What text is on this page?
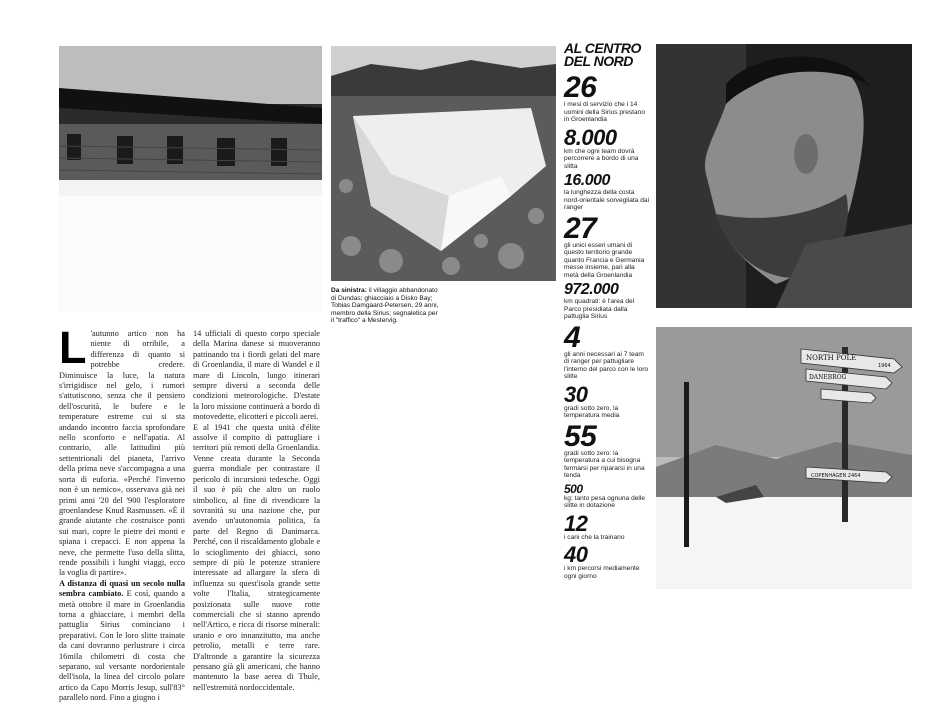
NORTH POLE
DANEBROG
1964
COPENHAGEN 2464
Da sinistra: il villaggio abbandonato di Dundas; ghiacciaio a Disko Bay; Tobias Damgaard-Petersen, 29 anni, membro della Sirius; segnaletica per il "traffico" a Mestervig.

L 'autunno artico non ha niente di orribile, a differenza di quanto si potrebbe credere. Diminuisce la luce, la natura s'irrigidisce nel gelo, i rumori s'attutiscono, senza che il pensiero dell'oscurità, le bufere e le temperature estreme cui si sta andando incontro faccia sprofondare nello sconforto e nell'apatia. Al contrario, alle latitudini più settentrionali del pianeta, l'arrivo della prima neve s'accompagna a una sorta di euforia. «Perché l'inverno non è un nemico», osservava già nei primi anni '20 del '900 l'esploratore groenlandese Knud Rasmussen. «È il grande aiutante che costruisce ponti sui mari, copre le pietre dei monti e spiana i crepacci. E non appena la neve, che permette l'uso della slitta, rende possibili i lunghi viaggi, ecco la voglia di partire».

A distanza di quasi un secolo nulla sembra cambiato. E così, quando a metà ottobre il mare in Groenlandia torna a ghiacciare, i membri della pattuglia Sirius cominciano i preparativi. Con le loro slitte trainate da cani dovranno perlustrare i circa 16mila chilometri di costa che separano, sul versante nordorientale dell'isola, la linea del circolo polare artico da Capo Morris Jesup, sull'83° parallelo nord. Fino a giugno i

14 ufficiali di questo corpo speciale della Marina danese si muoveranno pattinando tra i fiordi gelati del mare di Groenlandia, il mare di Wandel e il mare di Lincoln, lungo itinerari sempre diversi a seconda delle condizioni meteorologiche. D'estate la loro missione continuerà a bordo di motovedette, elicotteri e piccoli aerei.

E al 1941 che questa unità d'élite assolve il compito di pattugliare i territori più remoti della Groenlandia. Venne creata durante la Seconda guerra mondiale per contrastare il pericolo di incursioni tedesche. Oggi il suo è più che altro un ruolo simbolico, al fine di rivendicare la sovranità su una nazione che, pur avendo un'autonomia politica, fa parte del Regno di Danimarca. Perché, con il riscaldamento globale e lo scioglimento dei ghiacci, sono sempre di più le potenze straniere interessate ad allargare la sfera di influenza su quest'isola grande sette volte l'Italia, strategicamente posizionata sulle nuove rotte commerciali che si stanno aprendo nell'Artico, e ricca di risorse minerali: uranio e oro innanzitutto, ma anche petrolio, metalli e terre rare. D'altronde a garantire la sicurezza pensano già gli americani, che hanno mantenuto la base aerea di Thule, nell'estremità nordoccidentale.

AL CENTRO DEL NORD
26
i mesi di servizio che i 14 uomini della Sirius prestano in Groenlandia
8.000
km che ogni team dovrà percorrere a bordo di una slitta
16.000
la lunghezza della costa nord-orientale sorvegliata dai ranger
27
gli unici esseri umani di questo territorio grande quanto Francia e Germania messe insieme, pari alla metà della Groenlandia
972.000
km quadrati: è l'area del Parco presidiata dalla pattuglia Sirius
4
gli anni necessari ai 7 team di ranger per pattugliare l'interno del parco con le loro slitte
30
gradi sotto zero, la temperatura media
55
gradi sotto zero: la temperatura a cui bisogna fermarsi per ripararsi in una tenda
500
kg: tanto pesa ognuna delle slitte in dotazione
12
i cani che la trainano
40
i km percorsi mediamente ogni giorno
